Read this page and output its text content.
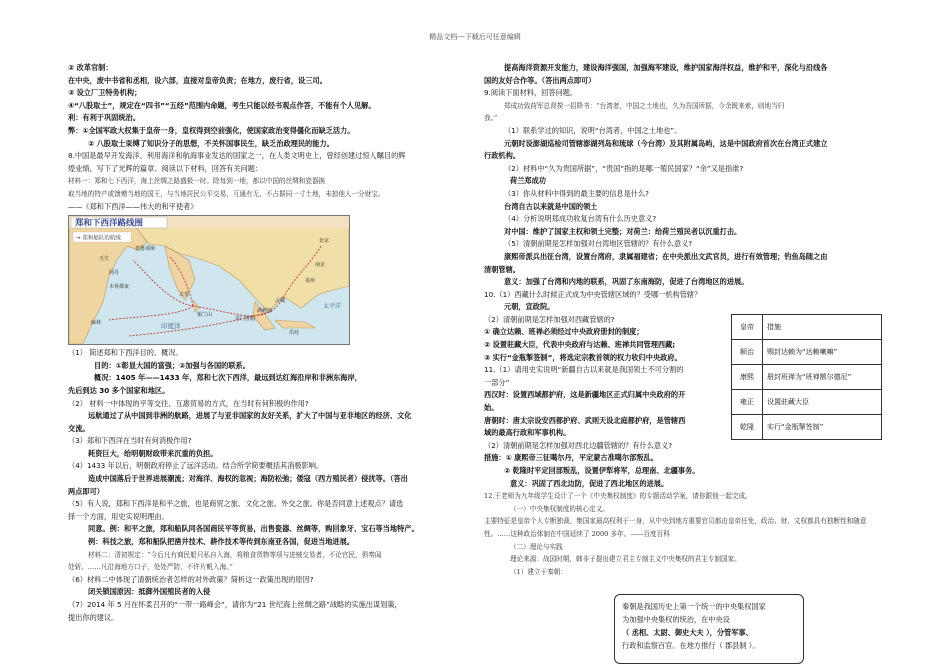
精品文档---下载后可任意编辑
② 改革官制：
在中央，废中书省和丞相，设六部，直接对皇帝负责；在地方，废行省，设三司。
③ 设立厂卫特务机构；
④“八股取士”，规定在“四书”“五经”范围内命题，考生只能以经书观点作答，不能有个人见解。
利：有利于巩固统治。
弊：①全国军政大权集于皇帝一身，皇权得到空前强化，使国家政治变得僵化而缺乏活力。
② 八股取士束缚了知识分子的思想，不关怀国事民生，缺乏治政理民的能力。
8.中国是最早开发海洋、利用海洋和航海事业发达的国家之一，在人类文明史上，曾经创建过惊人瞩目的辉
煌业绩，写下了光辉的篇章。阅读以下材料，回答有关问题：
材料一：郑和七下西洋，海上丝绸之路盛极一时。除每到一地，都以中国的丝绸和瓷器换
取当地的特产或馈赠当地的国王，与当地居民公平交易，互通有无，不占据同一寸土地，未掠他人一分财宝。
——《郑和下西洋——伟大的和平使者》
郑和下西洋路线图
→ 郑和船队的航线	北京
南京
泉州
占城
满剌加
苏门答腊
古里
锡兰山
忽鲁谟斯
木骨都束
麻林
天方
阿丹
爪哇
太平洋
印度洋
（1） 简述郑和下西洋目的、概况。
目的：①彰显大国的富强；②加强与各国的联系。
概况：1405 年——1433 年，郑和七次下西洋，最远到达红海沿岸和非洲东海岸，
先后到达 30 多个国家和地区。
（2） 材料一中体现的平等交往、互惠贸易的方式，在当时有何积极的作用?
远航通过了从中国到非洲的航路，进展了与亚非国家的友好关系，扩大了中国与亚非地区的经济、文化
交流。
（3）郑和下西洋在当时有何消极作用?
耗资巨大，给明朝财政带来沉重的负担。
（4）1433 年以后，明朝政府停止了远洋活动。结合所学简要概括其消极影响。
造成中国落后于世界进展潮流；对海洋、海权的忽视；海防松弛；倭寇（西方殖民者）侵扰等。（答出
两点即可）
（5）有人说，郑和下西洋是和平之旅，也是商贸之旅、文化之旅、外交之旅。你是否同意上述观点？请选
择一个方面，用史实说明理由。
同意。例：和平之旅，郑和船队同各国商民平等贸易，出售瓷器、丝绸等，购回象牙、宝石等当地特产。
例：科技之旅，郑和船队把凿井技术、耕作技术等传到东南亚各国，促进当地进展。
材料二：清初规定：“今后凡有商民船只私自入海，将粮食货物等项与进贼交易者，不论官民，俱奏闻
处斩。……凡沿海地方口子，处处严防，不许片帆入海。”
（6）材料二中体现了清朝统治者怎样的对外政策？简析这一政策出现的原因?
闭关锁国原因：抵御外国殖民者的入侵
（7）2014 年 5 月在怀柔召开的“一带一路峰会”，请你为“21 世纪海上丝绸之路”战略的实施出谋划策，
提出你的建议。
提高海洋资源开发能力，建设海洋强国，加强海军建设，维护国家海洋权益，维护和平，深化与沿线各
国的友好合作等。（答出两点即可）
9.阅读下面材料，回答问题。
郑成功致荷军总督揆一招降书：“台湾者，中国之土地也，久为吾国所据，今余既来索，则地当归
我。”
（1）联系学过的知识，说明“台湾者，中国之土地也”。
元朝时设澎湖巡检司管辖澎湖列岛和琉球（今台湾）及其附属岛屿，这是中国政府首次在台湾正式建立
行政机构。
（2）材料中“久为贵国所据”，“贵国”指的是哪一殖民国家？“余”又是指谁?
荷兰郑成功
（3）你从材料中得到的最主要的信息是什么?
台湾自古以来就是中国的领土
（4）分析说明郑成功收复台湾有什么历史意义?
对中国：维护了国家主权和领土完整；对荷兰：给荷兰殖民者以沉重打击。
（5）清朝前期是怎样加强对台湾地区管辖的？有什么意义?
康熙帝派兵出征台湾，设置台湾府，隶属福建省；在中央派出文武官员，进行有效管理；钓鱼岛随之由
清朝管辖。
意义：加强了台湾和内地的联系，巩固了东南海防，促进了台湾地区的进展。
10.（1）西藏什么时候正式成为中央管辖区域的？受哪一机构管辖？
元朝，宣政院。
（2）清朝前期是怎样加强对西藏管辖的?
① 确立达赖、班禅必须经过中央政府册封的制度；
② 设置驻藏大臣，代表中央政府与达赖、班禅共同管理西藏;
③ 实行“金瓶掣签制”，将选定宗教首领的权力收归中央政府。
11.（1）请用史实说明“新疆自古以来就是我国领土不可分割的
一部分”
西汉时：设置西域都护府，这是新疆地区正式归属中央政府的开
始。
唐朝时：唐太宗设安西都护府、武则天设北庭都护府，是管辖西
域的最高行政和军事机构。
（2）清朝前期是怎样加强对西北边疆管辖的？有什么意义?
措施：① 康熙帝三征噶尔丹，平定蒙古准噶尔部叛乱。
② 乾隆时平定回部叛乱，设置伊犁将军，总理南、北疆事务。
意义：巩固了西北边防，促进了西北地区的进展。
12.王老师为九年级学生设计了一个《中央集权制度》的专题活动学案，请你跟他一起完成。
（一）中央集权制度的核心定义。
主要特征是皇帝个人专断独裁，集国家最高权利于一身，从中央到地方重要官员都由皇帝任免，政治、财、文权都具有独断性和随意
性。……这种政治体制在中国延续了 2000 多年。——百度百科
（二）理论与实践
理论来源：战国时期，韩非子提出建立君主专制主义中央集权的君主专制国家。
（1）建立于秦朝：
皇帝	措施
顺治	赐封达赖为“达赖喇嘛”
康熙	册封班禅为“班禅额尔德尼”
雍正	设置驻藏大臣
乾隆	实行“金瓶掣签制”
秦朝是我国历史上第一个统一的中央集权国家
为加强中央集权的统治，在中央设
（ 丞相、太尉、御史大夫 ），分管军事、
行政和监察百官。在地方推行（ 郡县制 ）。
